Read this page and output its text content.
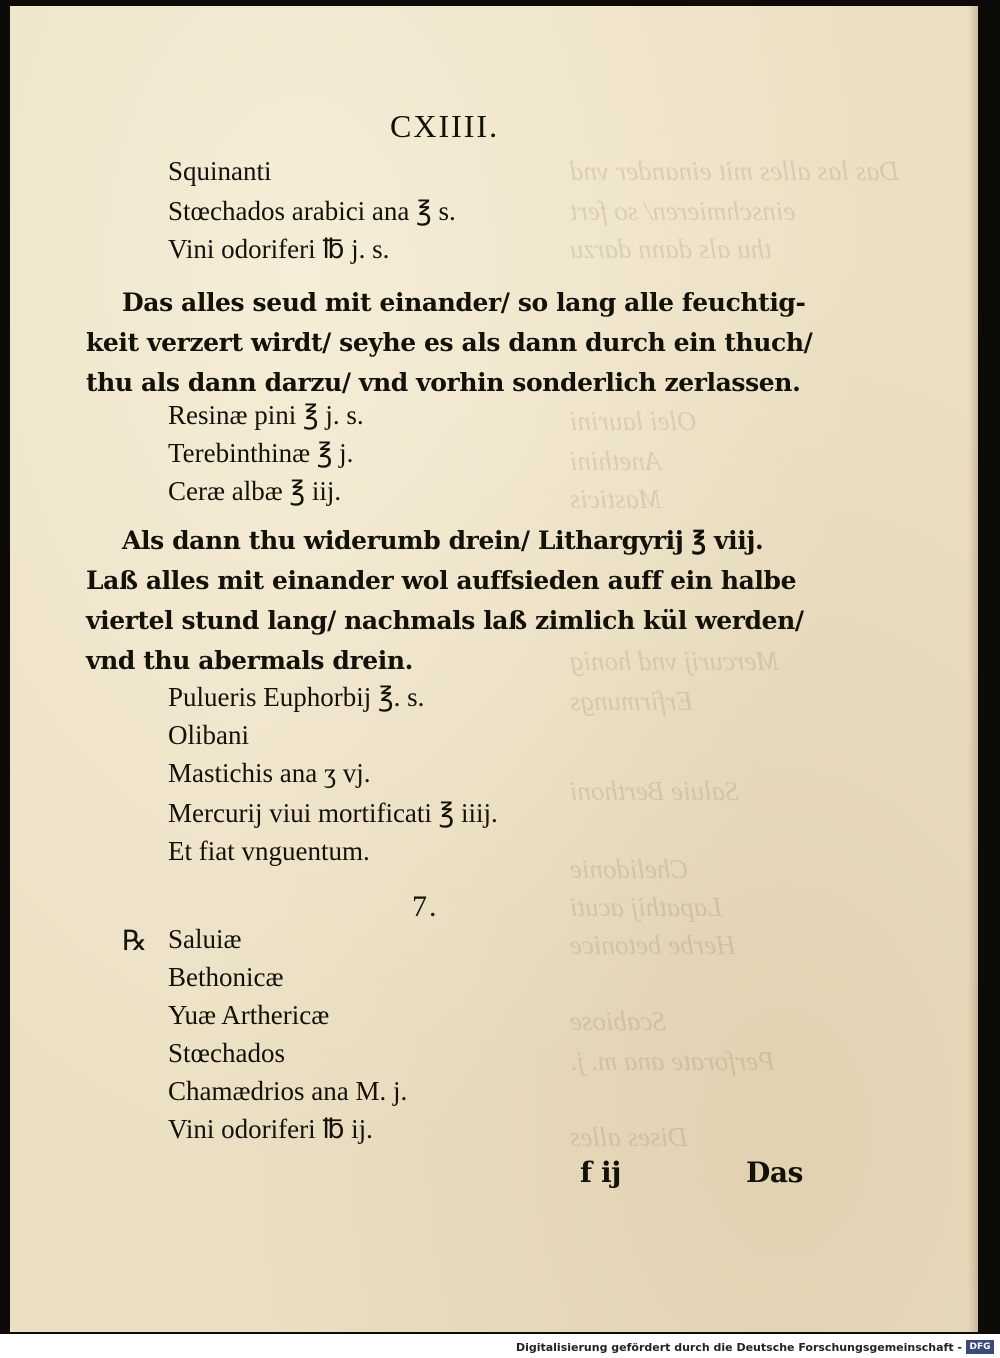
Das las alles mit einander vnd
einschmieren/ so fert
thu als dann darzu
Olei laurini
Anethini
Masticis
Mercurij vnd honig
Erfirmungs
Saluie Berthoni
Chelidonie
Lapathij acuti
Herbe betonice
Scabiose
Perforate ana m. j.
Dises alles
CXIIII.
Squinanti
Stœchados arabici ana ℥ s.
Vini odoriferi ℔ j. s.
Das alles seud mit einander/ so lang alle feuchtig-
keit verzert wirdt/ seyhe es als dann durch ein thuch/
thu als dann darzu/ vnd vorhin sonderlich zerlassen.
Resinæ pini ℥ j. s.
Terebinthinæ ℥ j.
Ceræ albæ ℥ iij.
Als dann thu widerumb drein/ Lithargyrij ℥ viij.
Laß alles mit einander wol auffsieden auff ein halbe
viertel stund lang/ nachmals laß zimlich kül werden/
vnd thu abermals drein.
Pulueris Euphorbij ℥. s.
Olibani
Mastichis ana ʒ vj.
Mercurij viui mortificati ℥ iiij.
Et fiat vnguentum.
7.
℞ Saluiæ
Bethonicæ
Yuæ Arthericæ
Stœchados
Chamædrios ana M. j.
Vini odoriferi ℔ ij.
f ij	Das
Digitalisierung gefördert durch die Deutsche Forschungsgemeinschaft - DFG
